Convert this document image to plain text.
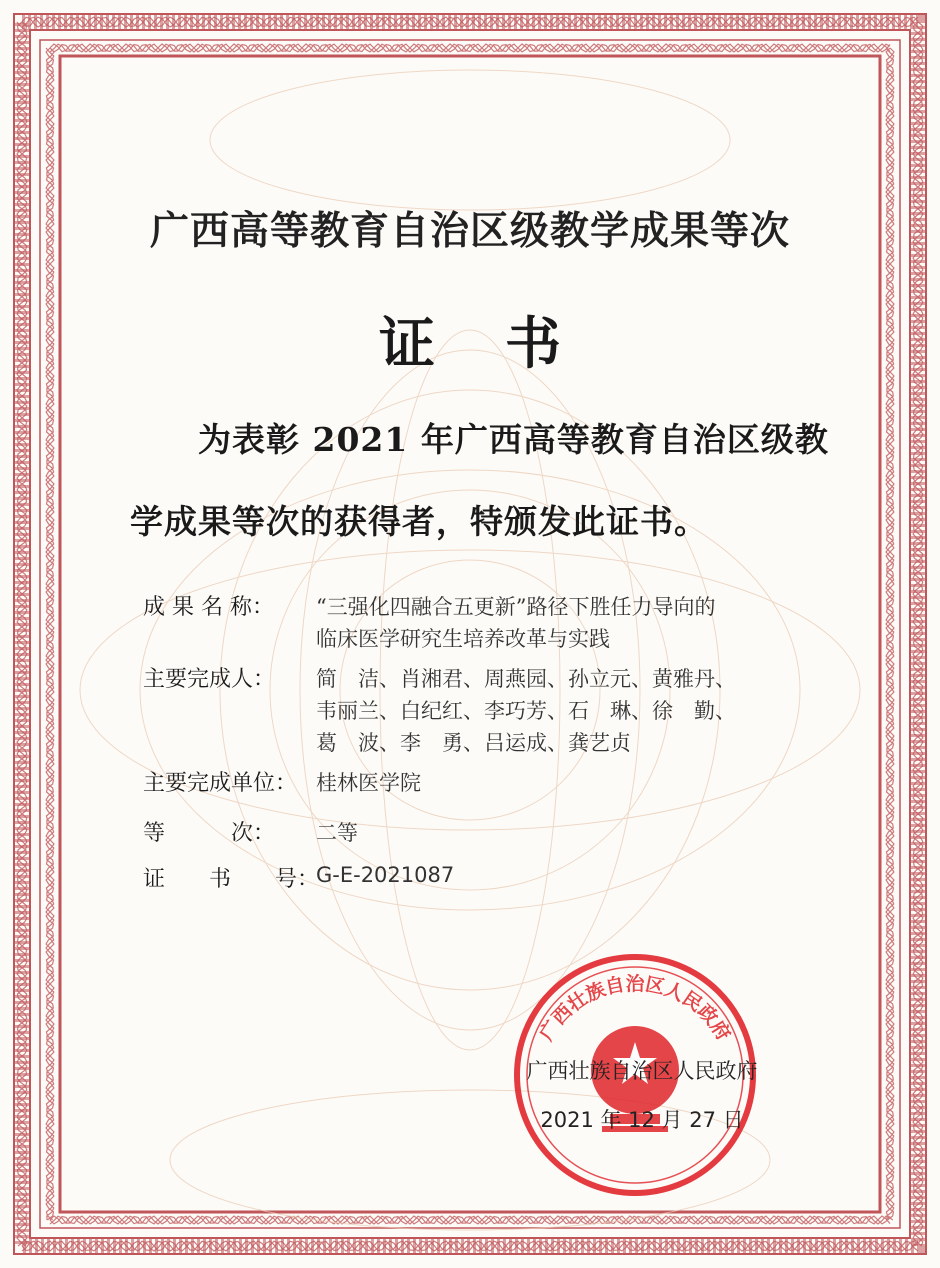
广西高等教育自治区级教学成果等次
证书
为表彰 2021 年广西高等教育自治区级教
学成果等次的获得者，特颁发此证书。
成 果 名 称：	“三强化四融合五更新”路径下胜任力导向的
临床医学研究生培养改革与实践
主要完成人：	简　洁、肖湘君、周燕园、孙立元、黄雅丹、
韦丽兰、白纪红、李巧芳、石　琳、徐　勤、
葛　波、李　勇、吕运成、龚艺贞
主要完成单位： 桂林医学院
等　　　次：	二等
证　　书　　号：
G-E-2021087
广西壮族自治区人民政府
广西壮族自治区人民政府
2021 年 12 月 27 日
